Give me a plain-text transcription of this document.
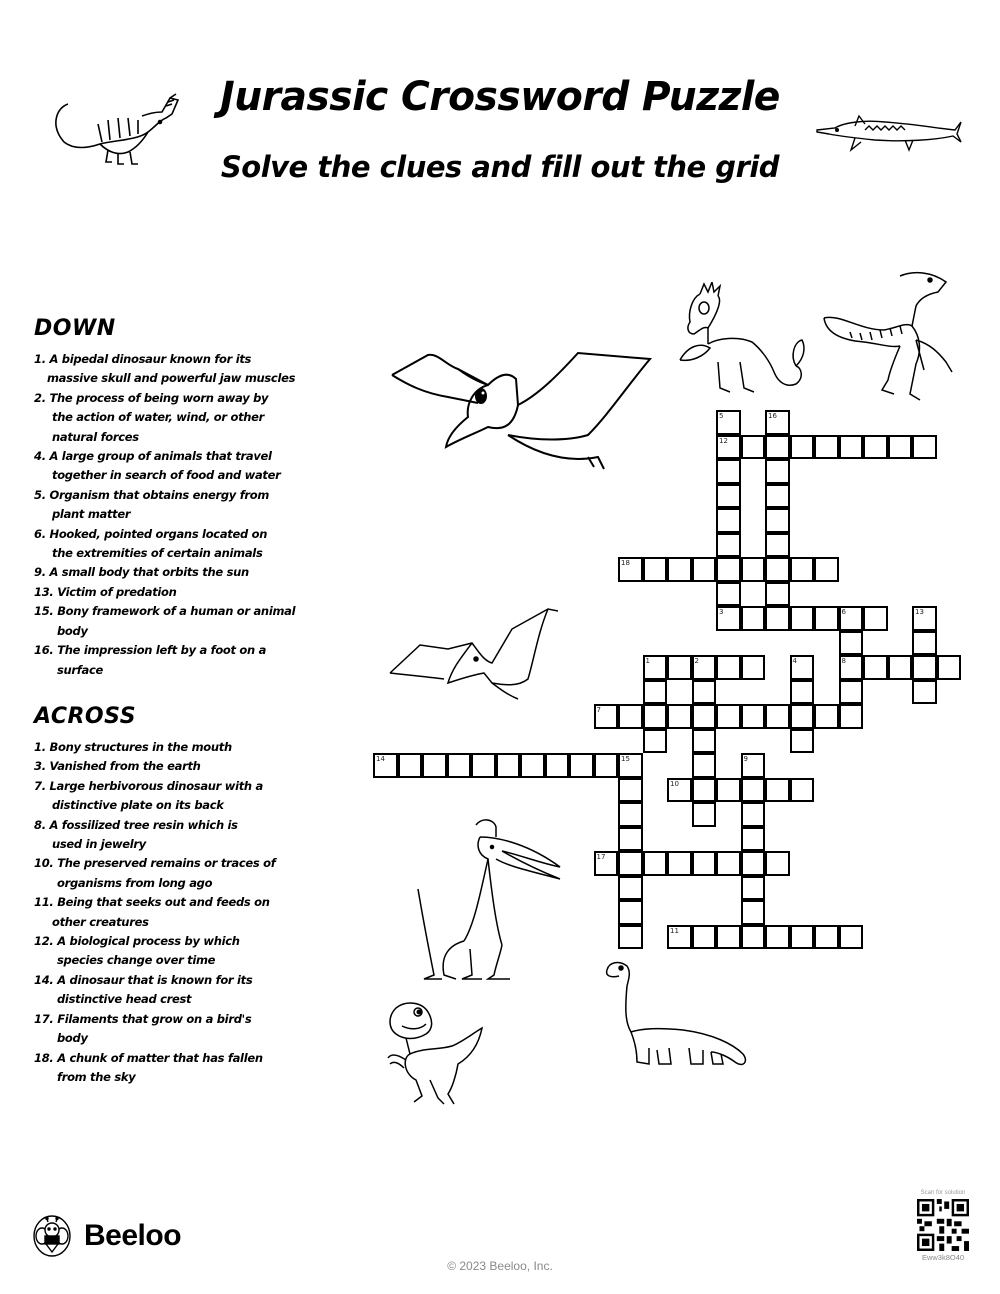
Jurassic Crossword Puzzle
Solve the clues and fill out the grid
DOWN
1. A bipedal dinosaur known for its
massive skull and powerful jaw muscles
2. The process of being worn away by
the action of water, wind, or other
natural forces
4. A large group of animals that travel
together in search of food and water
5. Organism that obtains energy from
plant matter
6. Hooked, pointed organs located on
the extremities of certain animals
9. A small body that orbits the sun
13. Victim of predation
15. Bony framework of a human or animal
body
16. The impression left by a foot on a
surface
ACROSS
1. Bony structures in the mouth
3. Vanished from the earth
7. Large herbivorous dinosaur with a
distinctive plate on its back
8. A fossilized tree resin which is
used in jewelry
10. The preserved remains or traces of
organisms from long ago
11. Being that seeks out and feeds on
other creatures
12. A biological process by which
species change over time
14. A dinosaur that is known for its
distinctive head crest
17. Filaments that grow on a bird's
body
18. A chunk of matter that has fallen
from the sky
12
18
3	6
1	2	8
7
14	15
10
17
11
5	16
13
4
9
Beeloo
© 2023 Beeloo, Inc.
Scan for solution
Eww3k8O40
